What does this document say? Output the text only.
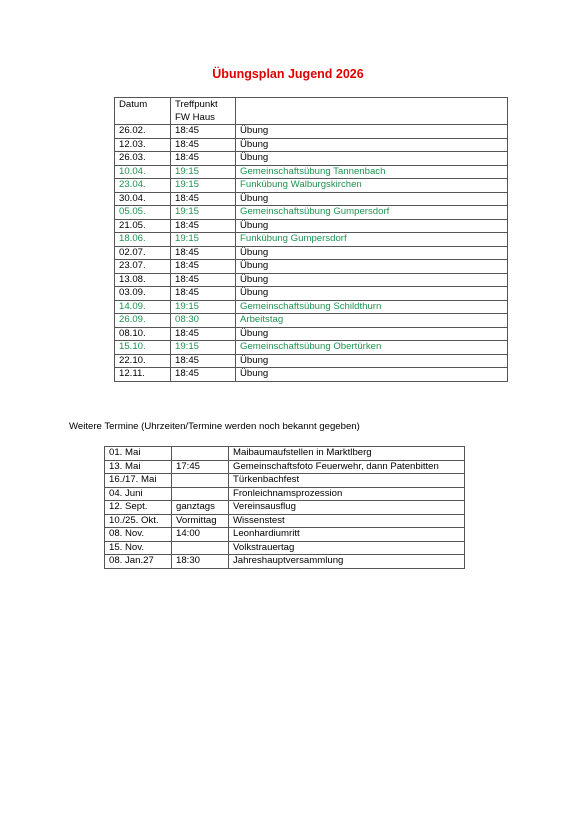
Übungsplan Jugend 2026
Datum	Treffpunkt
FW Haus	
26.02.	18:45	Übung
12.03.	18:45	Übung
26.03.	18:45	Übung
10.04.	19:15	Gemeinschaftsübung Tannenbach
23.04.	19:15	Funkübung Walburgskirchen
30.04.	18:45	Übung
05.05.	19:15	Gemeinschaftsübung Gumpersdorf
21.05.	18:45	Übung
18.06.	19:15	Funkübung Gumpersdorf
02.07.	18:45	Übung
23.07.	18:45	Übung
13.08.	18:45	Übung
03.09.	18:45	Übung
14.09.	19:15	Gemeinschaftsübung Schildthurn
26.09.	08:30	Arbeitstag
08.10.	18:45	Übung
15.10.	19:15	Gemeinschaftsübung Obertürken
22.10.	18:45	Übung
12.11.	18:45	Übung
Weitere Termine (Uhrzeiten/Termine werden noch bekannt gegeben)
01. Mai		Maibaumaufstellen in Marktlberg
13. Mai	17:45	Gemeinschaftsfoto Feuerwehr, dann Patenbitten
16./17. Mai		Türkenbachfest
04. Juni		Fronleichnamsprozession
12. Sept.	ganztags	Vereinsausflug
10./25. Okt.	Vormittag	Wissenstest
08. Nov.	14:00	Leonhardiumritt
15. Nov.		Volkstrauertag
08. Jan.27	18:30	Jahreshauptversammlung
